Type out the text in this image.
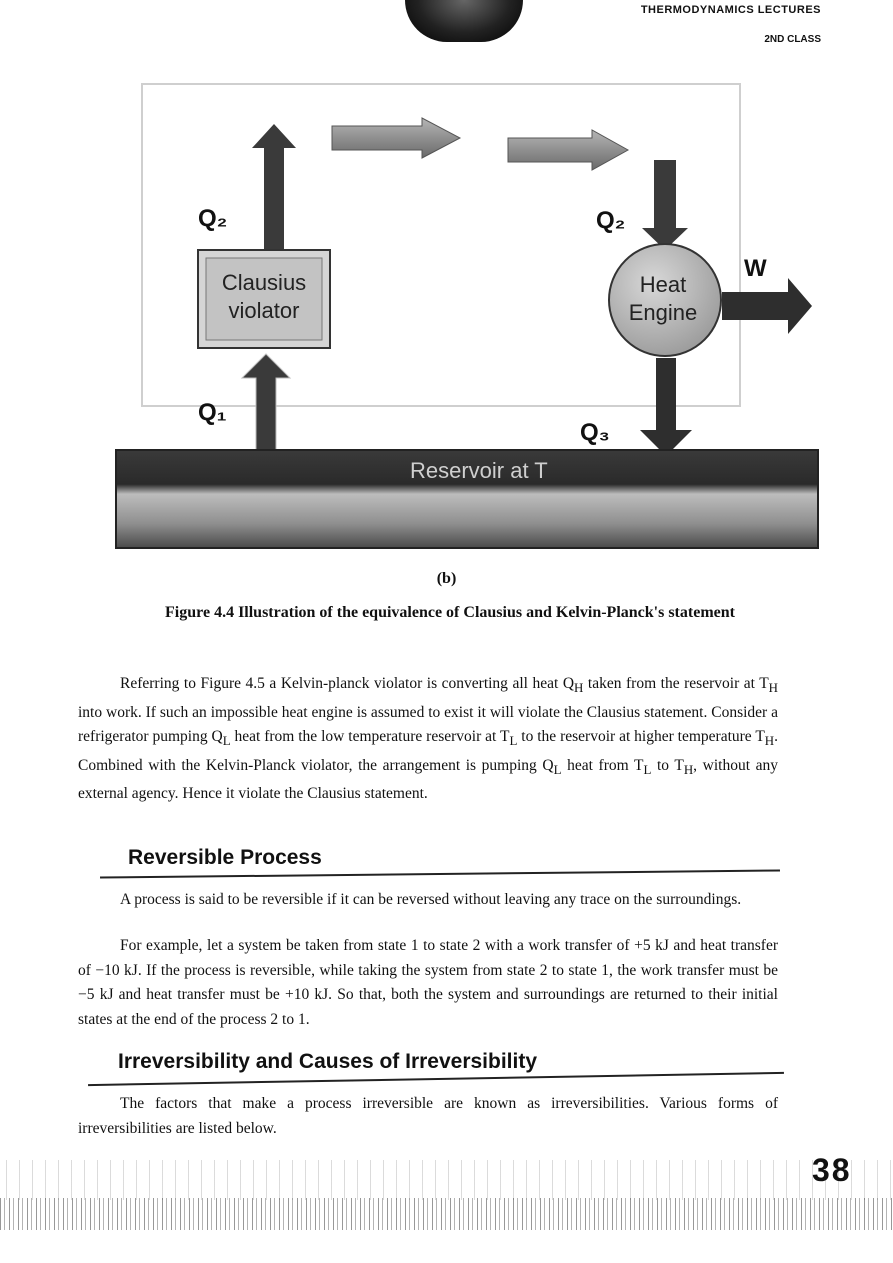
THERMODYNAMICS LECTURES
2ND CLASS
Clausius
violator
Heat
Engine
Reservoir at T
Q₂	Q₂
W
Q₁
Q₃
(b)
Figure 4.4 Illustration of the equivalence of Clausius and Kelvin-Planck's statement
Referring to Figure 4.5 a Kelvin-planck violator is converting all heat $Q_H$ taken from the reservoir at $T_H$ into work. If such an impossible heat engine is assumed to exist it will violate the Clausius statement. Consider a refrigerator pumping $Q_L$ heat from the low temperature reservoir at $T_L$ to the reservoir at higher temperature $T_H$. Combined with the Kelvin-Planck violator, the arrangement is pumping $Q_L$ heat from $T_L$ to $T_H$, without any external agency. Hence it violate the Clausius statement.
Reversible Process
A process is said to be reversible if it can be reversed without leaving any trace on the surroundings.
For example, let a system be taken from state 1 to state 2 with a work transfer of +5 kJ and heat transfer of −10 kJ. If the process is reversible, while taking the system from state 2 to state 1, the work transfer must be −5 kJ and heat transfer must be +10 kJ. So that, both the system and surroundings are returned to their initial states at the end of the process 2 to 1.
Irreversibility and Causes of Irreversibility
The factors that make a process irreversible are known as irreversibilities. Various forms of irreversibilities are listed below.
38
